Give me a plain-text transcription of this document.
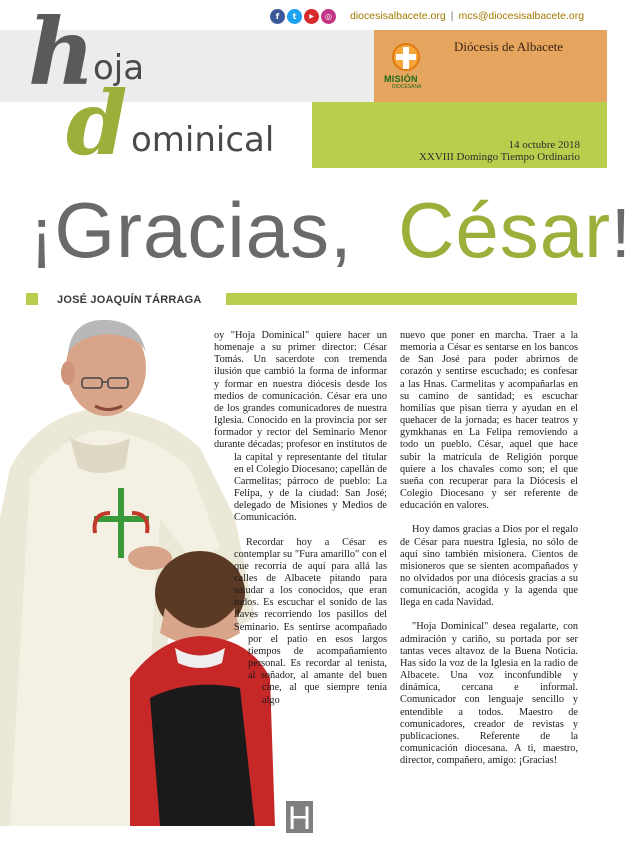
f	t	▶	◎	diocesisalbacete.org | mcs@diocesisalbacete.org
MISIÓN
DIOCESANA
Diócesis de Albacete
14 octubre 2018
XXVIII Domingo Tiempo Ordinario
h
oja
d ominical
¡Gracias, César!
JOSÉ JOAQUÍN TÁRRAGA

H
oy "Hoja Dominical" quiere hacer un homenaje a su primer director: César Tomás. Un sacerdote con tremenda ilusión que cambió la forma de informar y formar en nuestra diócesis desde los medios de comunicación. César era uno de los grandes comunicadores de nuestra Iglesia. Conocido en la provincia por ser formador y rector del Seminario Menor durante décadas; profesor en institutos de la capital y representante del titular en el Colegio Diocesano; capellán de Carmelitas; párroco de pueblo: La Felipa, y de la ciudad: San José; delegado de Misiones y Medios de Comunicación.

Recordar hoy a César es contemplar su "Fura amarillo" con el que recorría de aquí para allá las calles de Albacete pitando para saludar a los conocidos, que eran todos. Es escuchar el sonido de las llaves recorriendo los pasillos del Seminario. Es sentirse acompañado por el patio en esos largos tiempos de acompañamiento personal. Es recordar al tenista, al soñador, al amante del buen cine, al que siempre tenía algo

nuevo que poner en marcha. Traer a la memoria a César es sentarse en los bancos de San José para poder abrirnos de corazón y sentirse escuchado; es confesar a las Hnas. Carmelitas y acompañarlas en su camino de santidad; es escuchar homilías que pisan tierra y ayudan en el quehacer de la jornada; es hacer teatros y gymkhanas en La Felipa removiendo a todo un pueblo. César, aquel que hace subir la matrícula de Religión porque quiere a los chavales como son; el que sueña con recuperar para la Diócesis el Colegio Diocesano y ser referente de educación en valores.

Hoy damos gracias a Dios por el regalo de César para nuestra Iglesia, no sólo de aquí sino también misionera. Cientos de misioneros que se sienten acompañados y no olvidados por una diócesis gracias a su comunicación, acogida y la agenda que llega en cada Navidad.

"Hoja Dominical" desea regalarte, con admiración y cariño, su portada por ser tantas veces altavoz de la Buena Noticia. Has sido la voz de la Iglesia en la radio de Albacete. Una voz inconfundible y dinámica, cercana e informal. Comunicador con lenguaje sencillo y entendible a todos. Maestro de comunicadores, creador de revistas y publicaciones. Referente de la comunicación diocesana. A ti, maestro, director, compañero, amigo: ¡Gracias!
